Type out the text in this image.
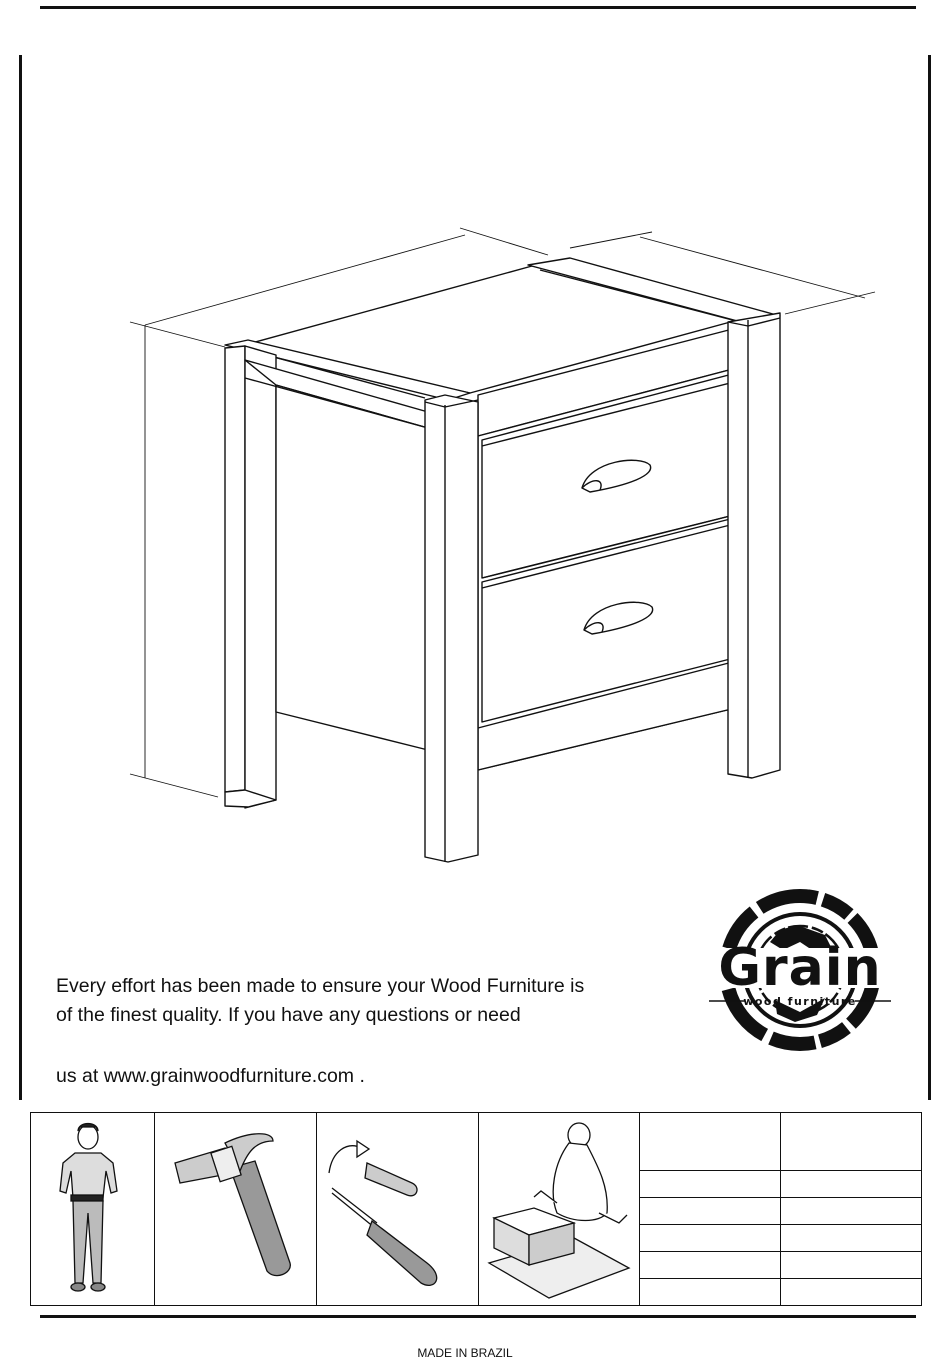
Every effort has been made to ensure your Wood Furniture is

of the finest quality. If you have any questions or need

us at www.grainwoodfurniture.com .

Grain
wood furniture
MADE IN BRAZIL
